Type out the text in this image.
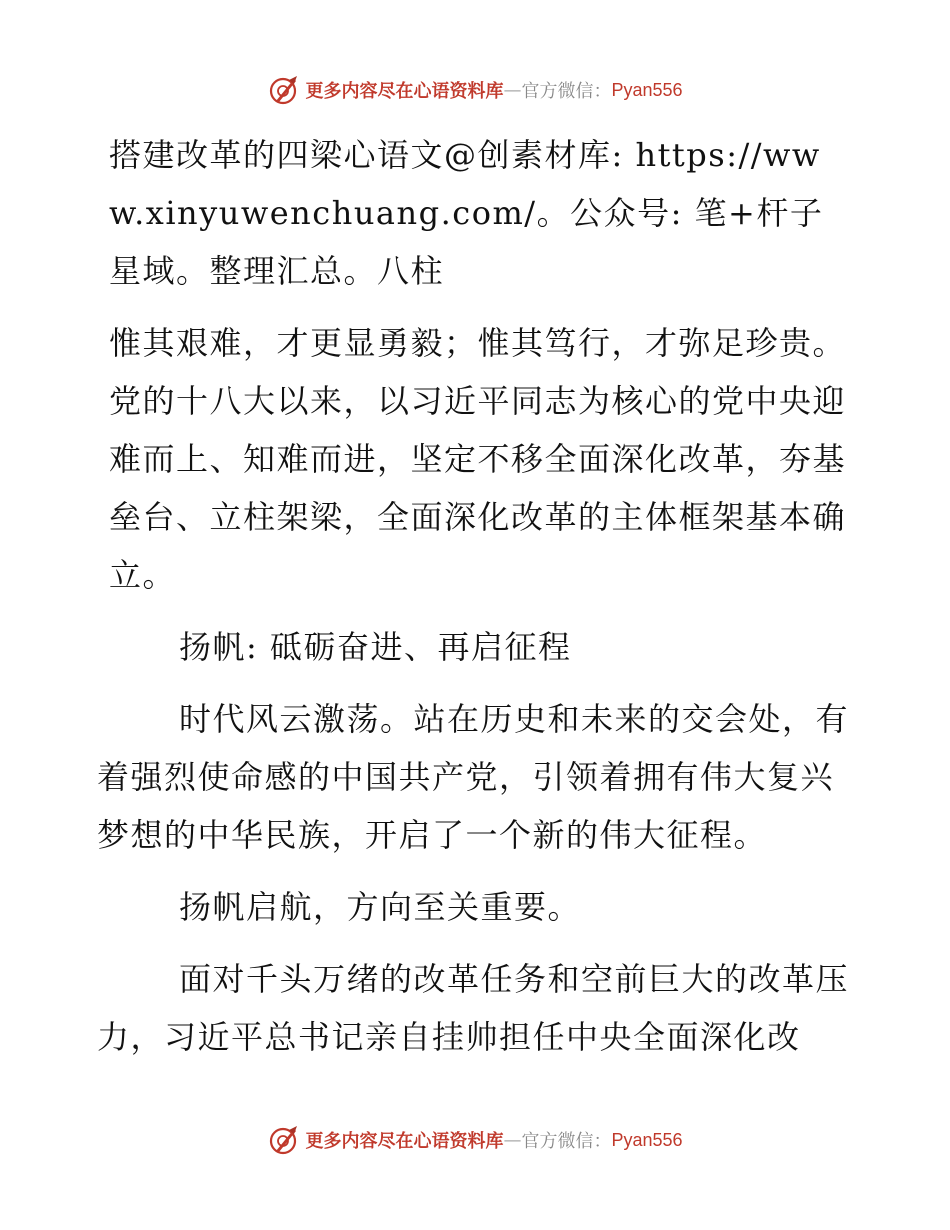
更多内容尽在心语资料库 — 官方微信： Pyan556

搭建改革的四梁心语文@创素材库: https://www.xinyuwenchuang.com/。公众号: 笔+杆子星域。整理汇总。八柱

惟其艰难，才更显勇毅；惟其笃行，才弥足珍贵。党的十八大以来，以习近平同志为核心的党中央迎难而上、知难而进，坚定不移全面深化改革，夯基垒台、立柱架梁，全面深化改革的主体框架基本确立。

扬帆: 砥砺奋进、再启征程

时代风云激荡。站在历史和未来的交会处，有着强烈使命感的中国共产党，引领着拥有伟大复兴梦想的中华民族，开启了一个新的伟大征程。

扬帆启航，方向至关重要。

面对千头万绪的改革任务和空前巨大的改革压力，习近平总书记亲自挂帅担任中央全面深化改

更多内容尽在心语资料库 — 官方微信： Pyan556
